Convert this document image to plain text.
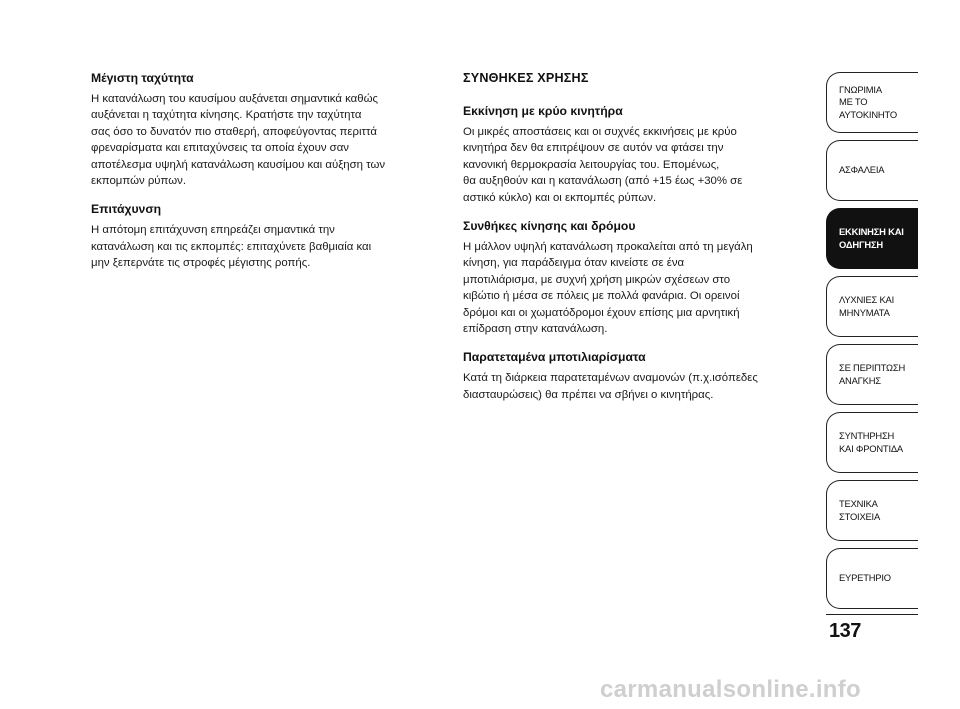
Μέγιστη ταχύτητα

Η κατανάλωση του καυσίμου αυξάνεται σημαντικά καθώς
αυξάνεται η ταχύτητα κίνησης. Κρατήστε την ταχύτητα
σας όσο το δυνατόν πιο σταθερή, αποφεύγοντας περιττά
φρεναρίσματα και επιταχύνσεις τα οποία έχουν σαν
αποτέλεσμα υψηλή κατανάλωση καυσίμου και αύξηση των
εκπομπών ρύπων.

Επιτάχυνση

Η απότομη επιτάχυνση επηρεάζει σημαντικά την
κατανάλωση και τις εκπομπές: επιταχύνετε βαθμιαία και
μην ξεπερνάτε τις στροφές μέγιστης ροπής.

ΣΥΝΘΗΚΕΣ ΧΡΗΣΗΣ

Εκκίνηση με κρύο κινητήρα

Οι μικρές αποστάσεις και οι συχνές εκκινήσεις με κρύο
κινητήρα δεν θα επιτρέψουν σε αυτόν να φτάσει την
κανονική θερμοκρασία λειτουργίας του. Επομένως,
θα αυξηθούν και η κατανάλωση (από +15 έως +30% σε
αστικό κύκλο) και οι εκπομπές ρύπων.

Συνθήκες κίνησης και δρόμου

Η μάλλον υψηλή κατανάλωση προκαλείται από τη μεγάλη
κίνηση, για παράδειγμα όταν κινείστε σε ένα
μποτιλιάρισμα, με συχνή χρήση μικρών σχέσεων στο
κιβώτιο ή μέσα σε πόλεις με πολλά φανάρια. Οι ορεινοί
δρόμοι και οι χωματόδρομοι έχουν επίσης μια αρνητική
επίδραση στην κατανάλωση.

Παρατεταμένα μποτιλιαρίσματα

Κατά τη διάρκεια παρατεταμένων αναμονών (π.χ.ισόπεδες
διασταυρώσεις) θα πρέπει να σβήνει ο κινητήρας.

ΓΝΩΡΙΜΙΑ
ΜΕ ΤΟ
ΑΥΤΟΚΙΝΗΤΟ
ΑΣΦΑΛΕΙΑ
ΕΚΚΙΝΗΣΗ ΚΑΙ
ΟΔΗΓΗΣΗ
ΛΥΧΝΙΕΣ ΚΑΙ
ΜΗΝΥΜΑΤΑ
ΣΕ ΠΕΡΙΠΤΩΣΗ
ΑΝΑΓΚΗΣ
ΣΥΝΤΗΡΗΣΗ
ΚΑΙ ΦΡΟΝΤΙΔΑ
ΤΕΧΝΙΚΑ
ΣΤΟΙΧΕΙΑ
ΕΥΡΕΤΗΡΙΟ
137
carmanualsonline.info
